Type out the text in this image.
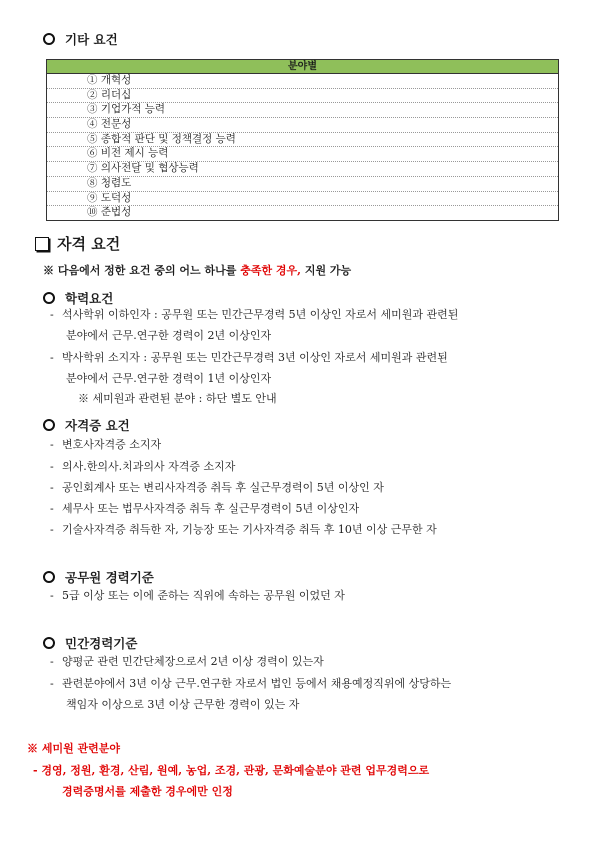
기타 요건
분야별
① 개혁성
② 리더십
③ 기업가적 능력
④ 전문성
⑤ 종합적 판단 및 정책결정 능력
⑥ 비전 제시 능력
⑦ 의사전달 및 협상능력
⑧ 청렴도
⑨ 도덕성
⑩ 준법성
자격 요건
※ 다음에서 정한 요건 중의 어느 하나를 충족한 경우, 지원 가능
학력요건
- 석사학위 이하인자 : 공무원 또는 민간근무경력 5년 이상인 자로서 세미원과 관련된
분야에서 근무.연구한 경력이 2년 이상인자
- 박사학위 소지자 : 공무원 또는 민간근무경력 3년 이상인 자로서 세미원과 관련된
분야에서 근무.연구한 경력이 1년 이상인자
※ 세미원과 관련된 분야 : 하단 별도 안내
자격증 요건
- 변호사자격증 소지자
- 의사.한의사.치과의사 자격증 소지자
- 공인회계사 또는 변리사자격증 취득 후 실근무경력이 5년 이상인 자
- 세무사 또는 법무사자격증 취득 후 실근무경력이 5년 이상인자
- 기술사자격증 취득한 자, 기능장 또는 기사자격증 취득 후 10년 이상 근무한 자
공무원 경력기준
- 5급 이상 또는 이에 준하는 직위에 속하는 공무원 이었던 자
민간경력기준
- 양평군 관련 민간단체장으로서 2년 이상 경력이 있는자
- 관련분야에서 3년 이상 근무.연구한 자로서 법인 등에서 채용예정직위에 상당하는
책임자 이상으로 3년 이상 근무한 경력이 있는 자
※ 세미원 관련분야
- 경영, 정원, 환경, 산림, 원예, 농업, 조경, 관광, 문화예술분야 관련 업무경력으로
경력증명서를 제출한 경우에만 인정
